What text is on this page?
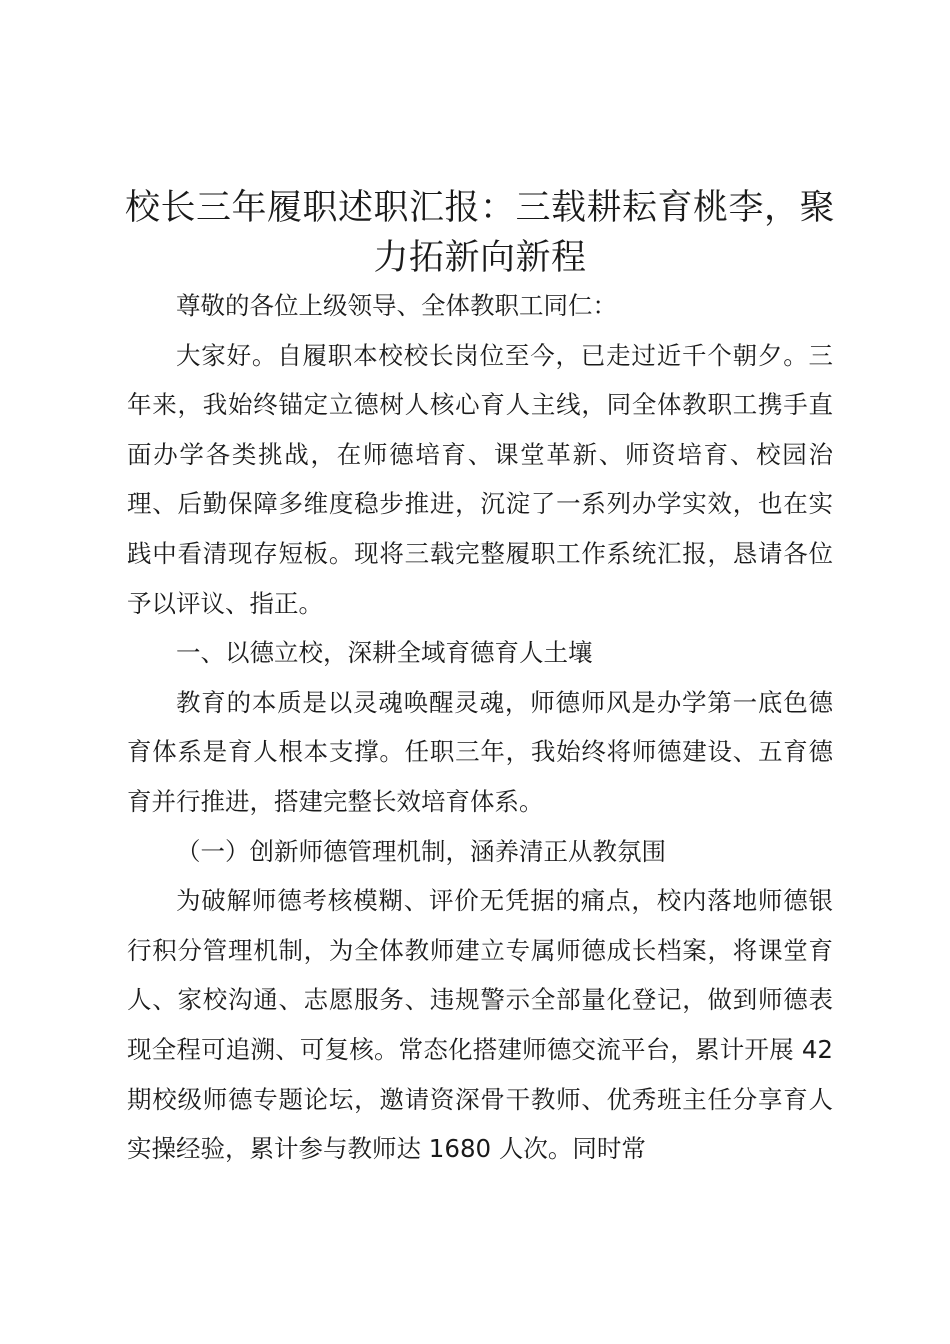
校长三年履职述职汇报：三载耕耘育桃李，聚力拓新向新程

尊敬的各位上级领导、全体教职工同仁：

大家好。自履职本校校长岗位至今，已走过近千个朝夕。三年来，我始终锚定立德树人核心育人主线，同全体教职工携手直面办学各类挑战，在师德培育、课堂革新、师资培育、校园治理、后勤保障多维度稳步推进，沉淀了一系列办学实效，也在实践中看清现存短板。现将三载完整履职工作系统汇报，恳请各位予以评议、指正。

一、以德立校，深耕全域育德育人土壤

教育的本质是以灵魂唤醒灵魂，师德师风是办学第一底色德育体系是育人根本支撑。任职三年，我始终将师德建设、五育德育并行推进，搭建完整长效培育体系。

（一）创新师德管理机制，涵养清正从教氛围

为破解师德考核模糊、评价无凭据的痛点，校内落地师德银行积分管理机制，为全体教师建立专属师德成长档案，将课堂育人、家校沟通、志愿服务、违规警示全部量化登记，做到师德表现全程可追溯、可复核。常态化搭建师德交流平台，累计开展 42 期校级师德专题论坛，邀请资深骨干教师、优秀班主任分享育人实操经验，累计参与教师达 1680 人次。同时常
